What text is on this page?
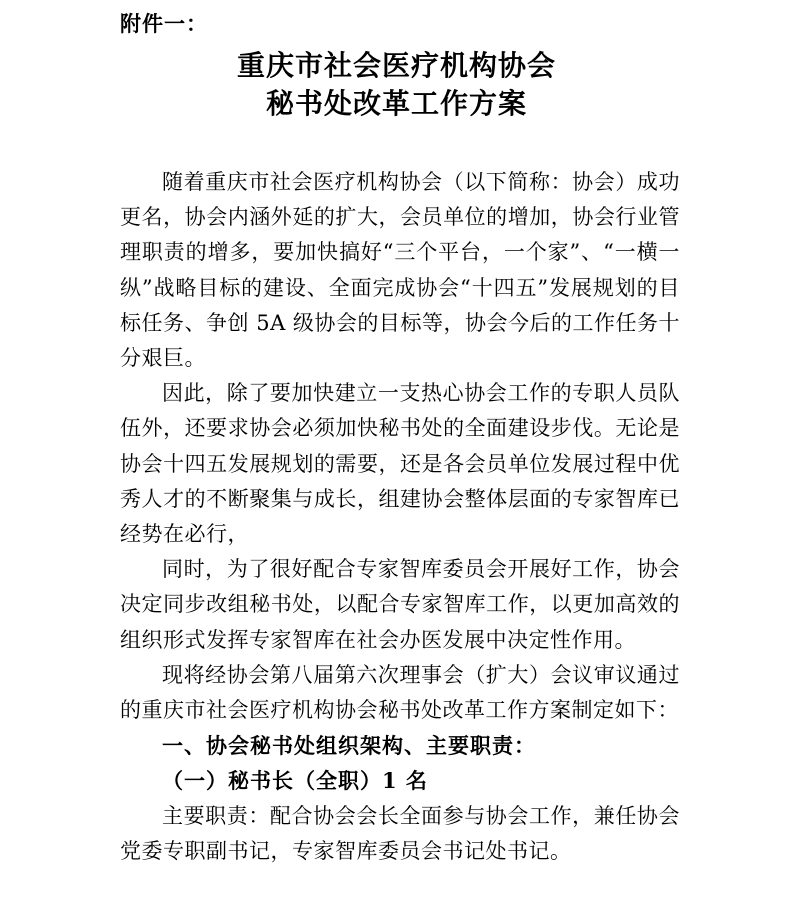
附件一：

重庆市社会医疗机构协会
秘书处改革工作方案

随着重庆市社会医疗机构协会（以下简称：协会）成功更名，协会内涵外延的扩大，会员单位的增加，协会行业管理职责的增多，要加快搞好“三个平台，一个家”、“一横一纵”战略目标的建设、全面完成协会“十四五”发展规划的目标任务、争创 5A 级协会的目标等，协会今后的工作任务十分艰巨。

因此，除了要加快建立一支热心协会工作的专职人员队伍外，还要求协会必须加快秘书处的全面建设步伐。无论是协会十四五发展规划的需要，还是各会员单位发展过程中优秀人才的不断聚集与成长，组建协会整体层面的专家智库已经势在必行，

同时，为了很好配合专家智库委员会开展好工作，协会决定同步改组秘书处，以配合专家智库工作，以更加高效的组织形式发挥专家智库在社会办医发展中决定性作用。

现将经协会第八届第六次理事会（扩大）会议审议通过的重庆市社会医疗机构协会秘书处改革工作方案制定如下：

一、协会秘书处组织架构、主要职责：

（一）秘书长（全职）1 名

主要职责：配合协会会长全面参与协会工作，兼任协会党委专职副书记，专家智库委员会书记处书记。
